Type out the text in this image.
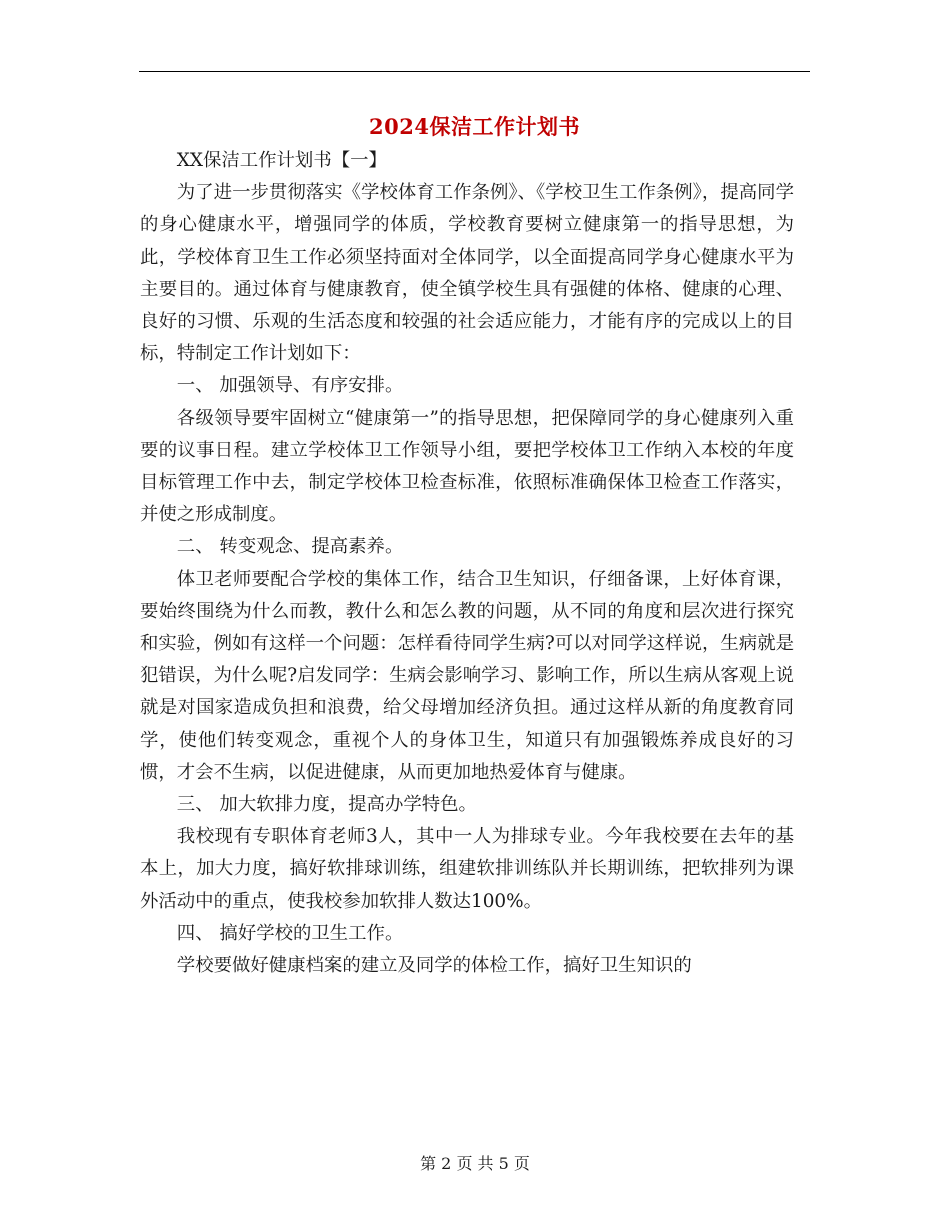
2024保洁工作计划书

XX保洁工作计划书【一】

为了进一步贯彻落实《学校体育工作条例》、《学校卫生工作条例》，提高同学的身心健康水平，增强同学的体质，学校教育要树立健康第一的指导思想，为此，学校体育卫生工作必须坚持面对全体同学，以全面提高同学身心健康水平为主要目的。通过体育与健康教育，使全镇学校生具有强健的体格、健康的心理、良好的习惯、乐观的生活态度和较强的社会适应能力，才能有序的完成以上的目标，特制定工作计划如下：

一、 加强领导、有序安排。

各级领导要牢固树立“健康第一”的指导思想，把保障同学的身心健康列入重要的议事日程。建立学校体卫工作领导小组，要把学校体卫工作纳入本校的年度目标管理工作中去，制定学校体卫检查标准，依照标准确保体卫检查工作落实，并使之形成制度。

二、 转变观念、提高素养。

体卫老师要配合学校的集体工作，结合卫生知识，仔细备课，上好体育课，要始终围绕为什么而教，教什么和怎么教的问题，从不同的角度和层次进行探究和实验，例如有这样一个问题：怎样看待同学生病?可以对同学这样说，生病就是犯错误，为什么呢?启发同学：生病会影响学习、影响工作，所以生病从客观上说就是对国家造成负担和浪费，给父母增加经济负担。通过这样从新的角度教育同学，使他们转变观念，重视个人的身体卫生，知道只有加强锻炼养成良好的习惯，才会不生病，以促进健康，从而更加地热爱体育与健康。

三、 加大软排力度，提高办学特色。

我校现有专职体育老师3人，其中一人为排球专业。今年我校要在去年的基本上，加大力度，搞好软排球训练，组建软排训练队并长期训练，把软排列为课外活动中的重点，使我校参加软排人数达100%。

四、 搞好学校的卫生工作。

学校要做好健康档案的建立及同学的体检工作，搞好卫生知识的

第 2 页 共 5 页
